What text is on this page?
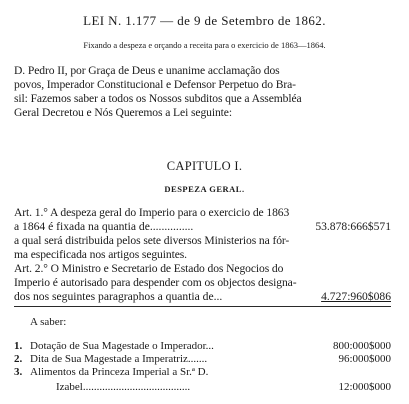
LEI N. 1.177 — de 9 de Setembro de 1862.
Fixando a despeza e orçando a receita para o exercicio de 1863—1864.
D. Pedro II, por Graça de Deus e unanime acclamação dos
povos, Imperador Constitucional e Defensor Perpetuo do Bra-
sil: Fazemos saber a todos os Nossos subditos que a Assembléa
Geral Decretou e Nós Queremos a Lei seguinte:
CAPITULO I.
DESPEZA GERAL.
Art. 1.° A despeza geral do Imperio para o exercicio de 1863
a 1864 é fixada na quantia de...............	53.878:666$571
a qual será distribuida pelos sete diversos Ministerios na fór-
ma especificada nos artigos seguintes.
Art. 2.° O Ministro e Secretario de Estado dos Negocios do
Imperio é autorisado para despender com os objectos designa-
dos nos seguintes paragraphos a quantia de...	4.727:960$086
A saber:
1. Dotação de Sua Magestade o Imperador...	800:000$000
2. Dita de Sua Magestade a Imperatriz.......	96:000$000
3. Alimentos da Princeza Imperial a Sr.ª D.
Izabel.......................................	12:000$000
